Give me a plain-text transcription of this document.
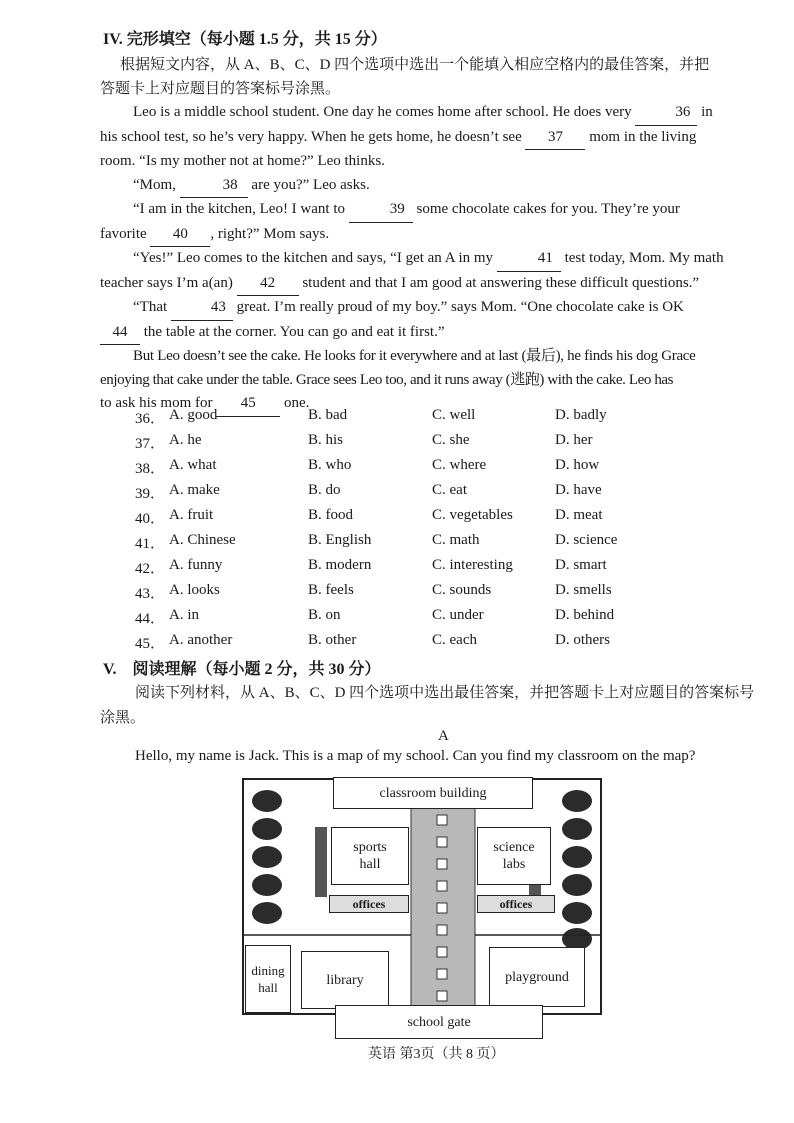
IV. 完形填空（每小题 1.5 分，共 15 分）
根据短文内容，从 A、B、C、D 四个选项中选出一个能填入相应空格内的最佳答案，并把
答题卡上对应题目的答案标号涂黑。
Leo is a middle school student. One day he comes home after school. He does very	36 in
his school test, so he’s very happy. When he gets home, he doesn’t see 37 mom in the living
room. “Is my mother not at home?” Leo thinks.
“Mom,	38 are you?” Leo asks.
“I am in the kitchen, Leo! I want to	39 some chocolate cakes for you. They’re your
favorite 40 , right?” Mom says.
“Yes!” Leo comes to the kitchen and says, “I get an A in my	41 test today, Mom. My math
teacher says I’m a(an) 42 student and that I am good at answering these difficult questions.”
“That	43 great. I’m really proud of my boy.” says Mom. “One chocolate cake is OK
44 the table at the corner. You can go and eat it first.”
But Leo doesn’t see the cake. He looks for it everywhere and at last (最后), he finds his dog Grace
enjoying that cake under the table. Grace sees Leo too, and it runs away (逃跑) with the cake. Leo has
to ask his mom for 45 one.
36． A. good	B. bad	C. well	D. badly
37． A. he	B. his	C. she	D. her
38． A. what	B. who	C. where	D. how
39． A. make	B. do	C. eat	D. have
40． A. fruit	B. food	C. vegetables	D. meat
41． A. Chinese	B. English	C. math	D. science
42． A. funny	B. modern	C. interesting	D. smart
43． A. looks	B. feels	C. sounds	D. smells
44． A. in	B. on	C. under	D. behind
45． A. another	B. other	C. each	D. others
V.　阅读理解（每小题 2 分，共 30 分）
阅读下列材料，从 A、B、C、D 四个选项中选出最佳答案，并把答题卡上对应题目的答案标号
涂黑。
A
Hello, my name is Jack. This is a map of my school. Can you find my classroom on the map?
classroom building
sports
hall
science
labs
offices	offices
dining
hall	library	playground
school gate
英语 第3页（共 8 页）
